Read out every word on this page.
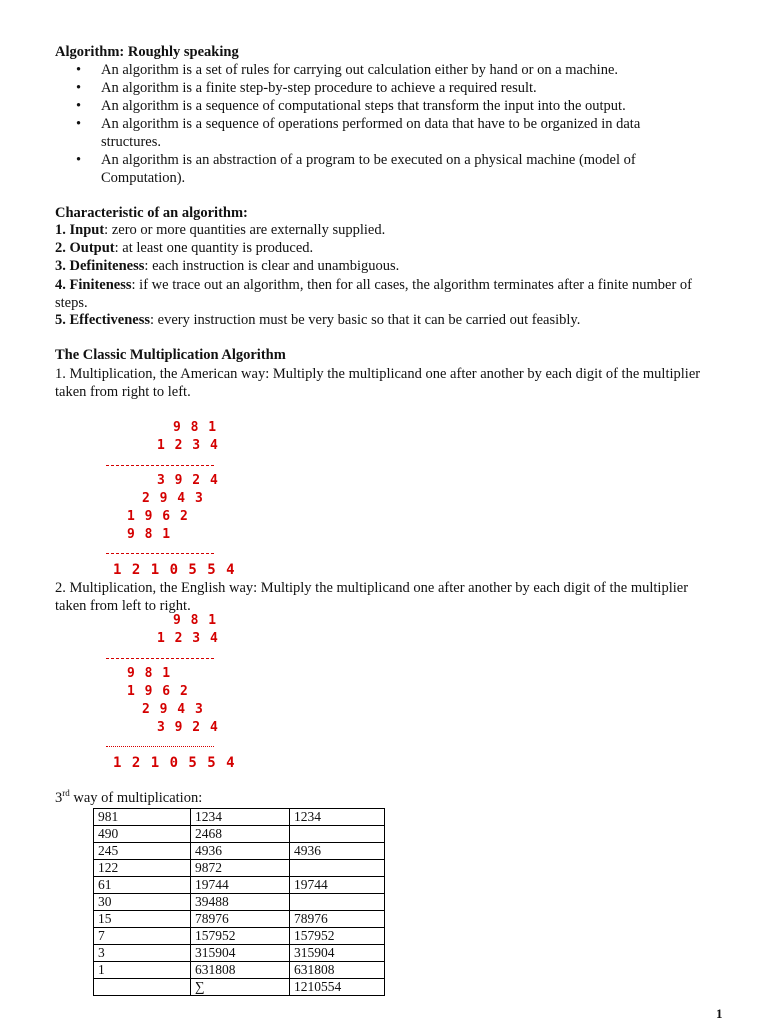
Algorithm: Roughly speaking
• An algorithm is a set of rules for carrying out calculation either by hand or on a machine.
• An algorithm is a finite step-by-step procedure to achieve a required result.
• An algorithm is a sequence of computational steps that transform the input into the output.
• An algorithm is a sequence of operations performed on data that have to be organized in data structures.
• An algorithm is an abstraction of a program to be executed on a physical machine (model of Computation).
Characteristic of an algorithm:
1. Input: zero or more quantities are externally supplied.
2. Output: at least one quantity is produced.
3. Definiteness: each instruction is clear and unambiguous.
4. Finiteness: if we trace out an algorithm, then for all cases, the algorithm terminates after a finite number of steps.
5. Effectiveness: every instruction must be very basic so that it can be carried out feasibly.
The Classic Multiplication Algorithm
1. Multiplication, the American way: Multiply the multiplicand one after another by each digit of the multiplier taken from right to left.
9 8 1
1 2 3 4
3 9 2 4
2 9 4 3
1 9 6 2
9 8 1
1 2 1 0 5 5 4
2. Multiplication, the English way: Multiply the multiplicand one after another by each digit of the multiplier taken from left to right.
9 8 1
1 2 3 4
9 8 1
1 9 6 2
2 9 4 3
3 9 2 4
1 2 1 0 5 5 4
3rd way of multiplication:
981	1234	1234
490	2468	
245	4936	4936
122	9872	
61	19744	19744
30	39488	
15	78976	78976
7	157952	157952
3	315904	315904
1	631808	631808
	∑	1210554
1
